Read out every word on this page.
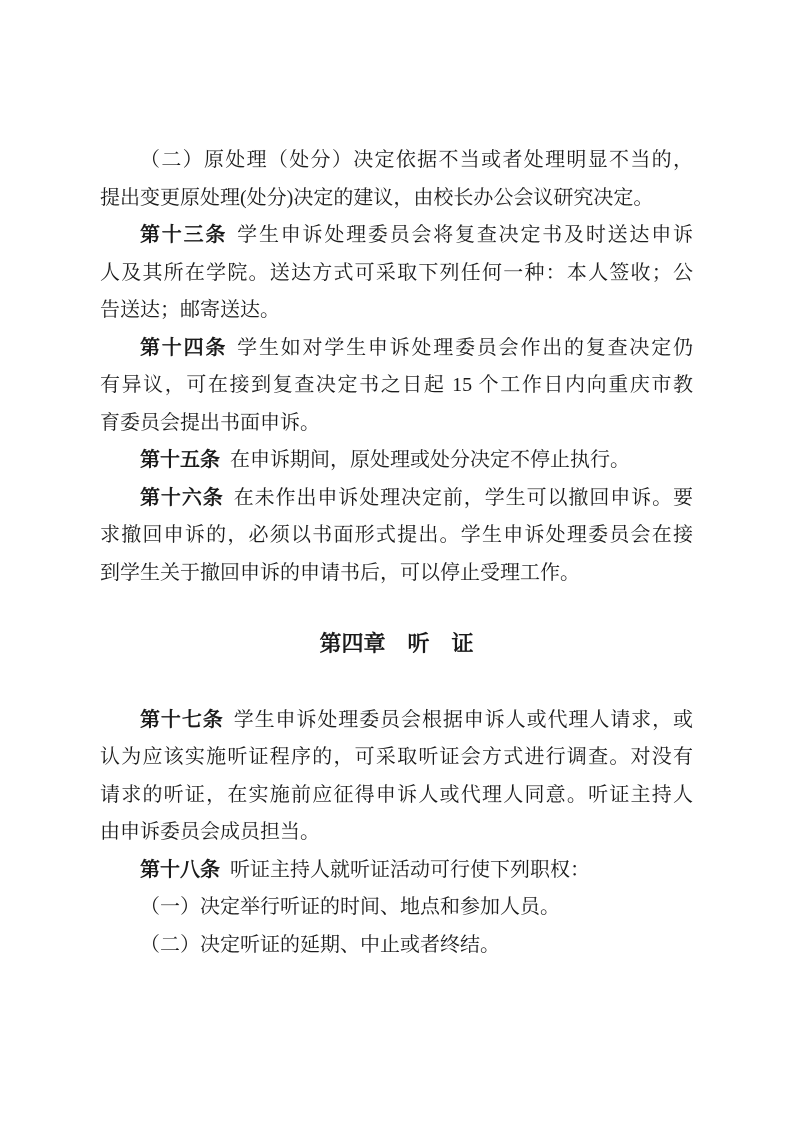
（二）原处理（处分）决定依据不当或者处理明显不当的，
提出变更原处理(处分)决定的建议，由校长办公会议研究决定。
第十三条 学生申诉处理委员会将复查决定书及时送达申诉
人及其所在学院。送达方式可采取下列任何一种：本人签收；公
告送达；邮寄送达。
第十四条 学生如对学生申诉处理委员会作出的复查决定仍
有异议，可在接到复查决定书之日起 15 个工作日内向重庆市教
育委员会提出书面申诉。
第十五条 在申诉期间，原处理或处分决定不停止执行。
第十六条 在未作出申诉处理决定前，学生可以撤回申诉。要
求撤回申诉的，必须以书面形式提出。学生申诉处理委员会在接
到学生关于撤回申诉的申请书后，可以停止受理工作。
第四章　听　证
第十七条 学生申诉处理委员会根据申诉人或代理人请求，或
认为应该实施听证程序的，可采取听证会方式进行调查。对没有
请求的听证，在实施前应征得申诉人或代理人同意。听证主持人
由申诉委员会成员担当。
第十八条 听证主持人就听证活动可行使下列职权：
（一）决定举行听证的时间、地点和参加人员。
（二）决定听证的延期、中止或者终结。
